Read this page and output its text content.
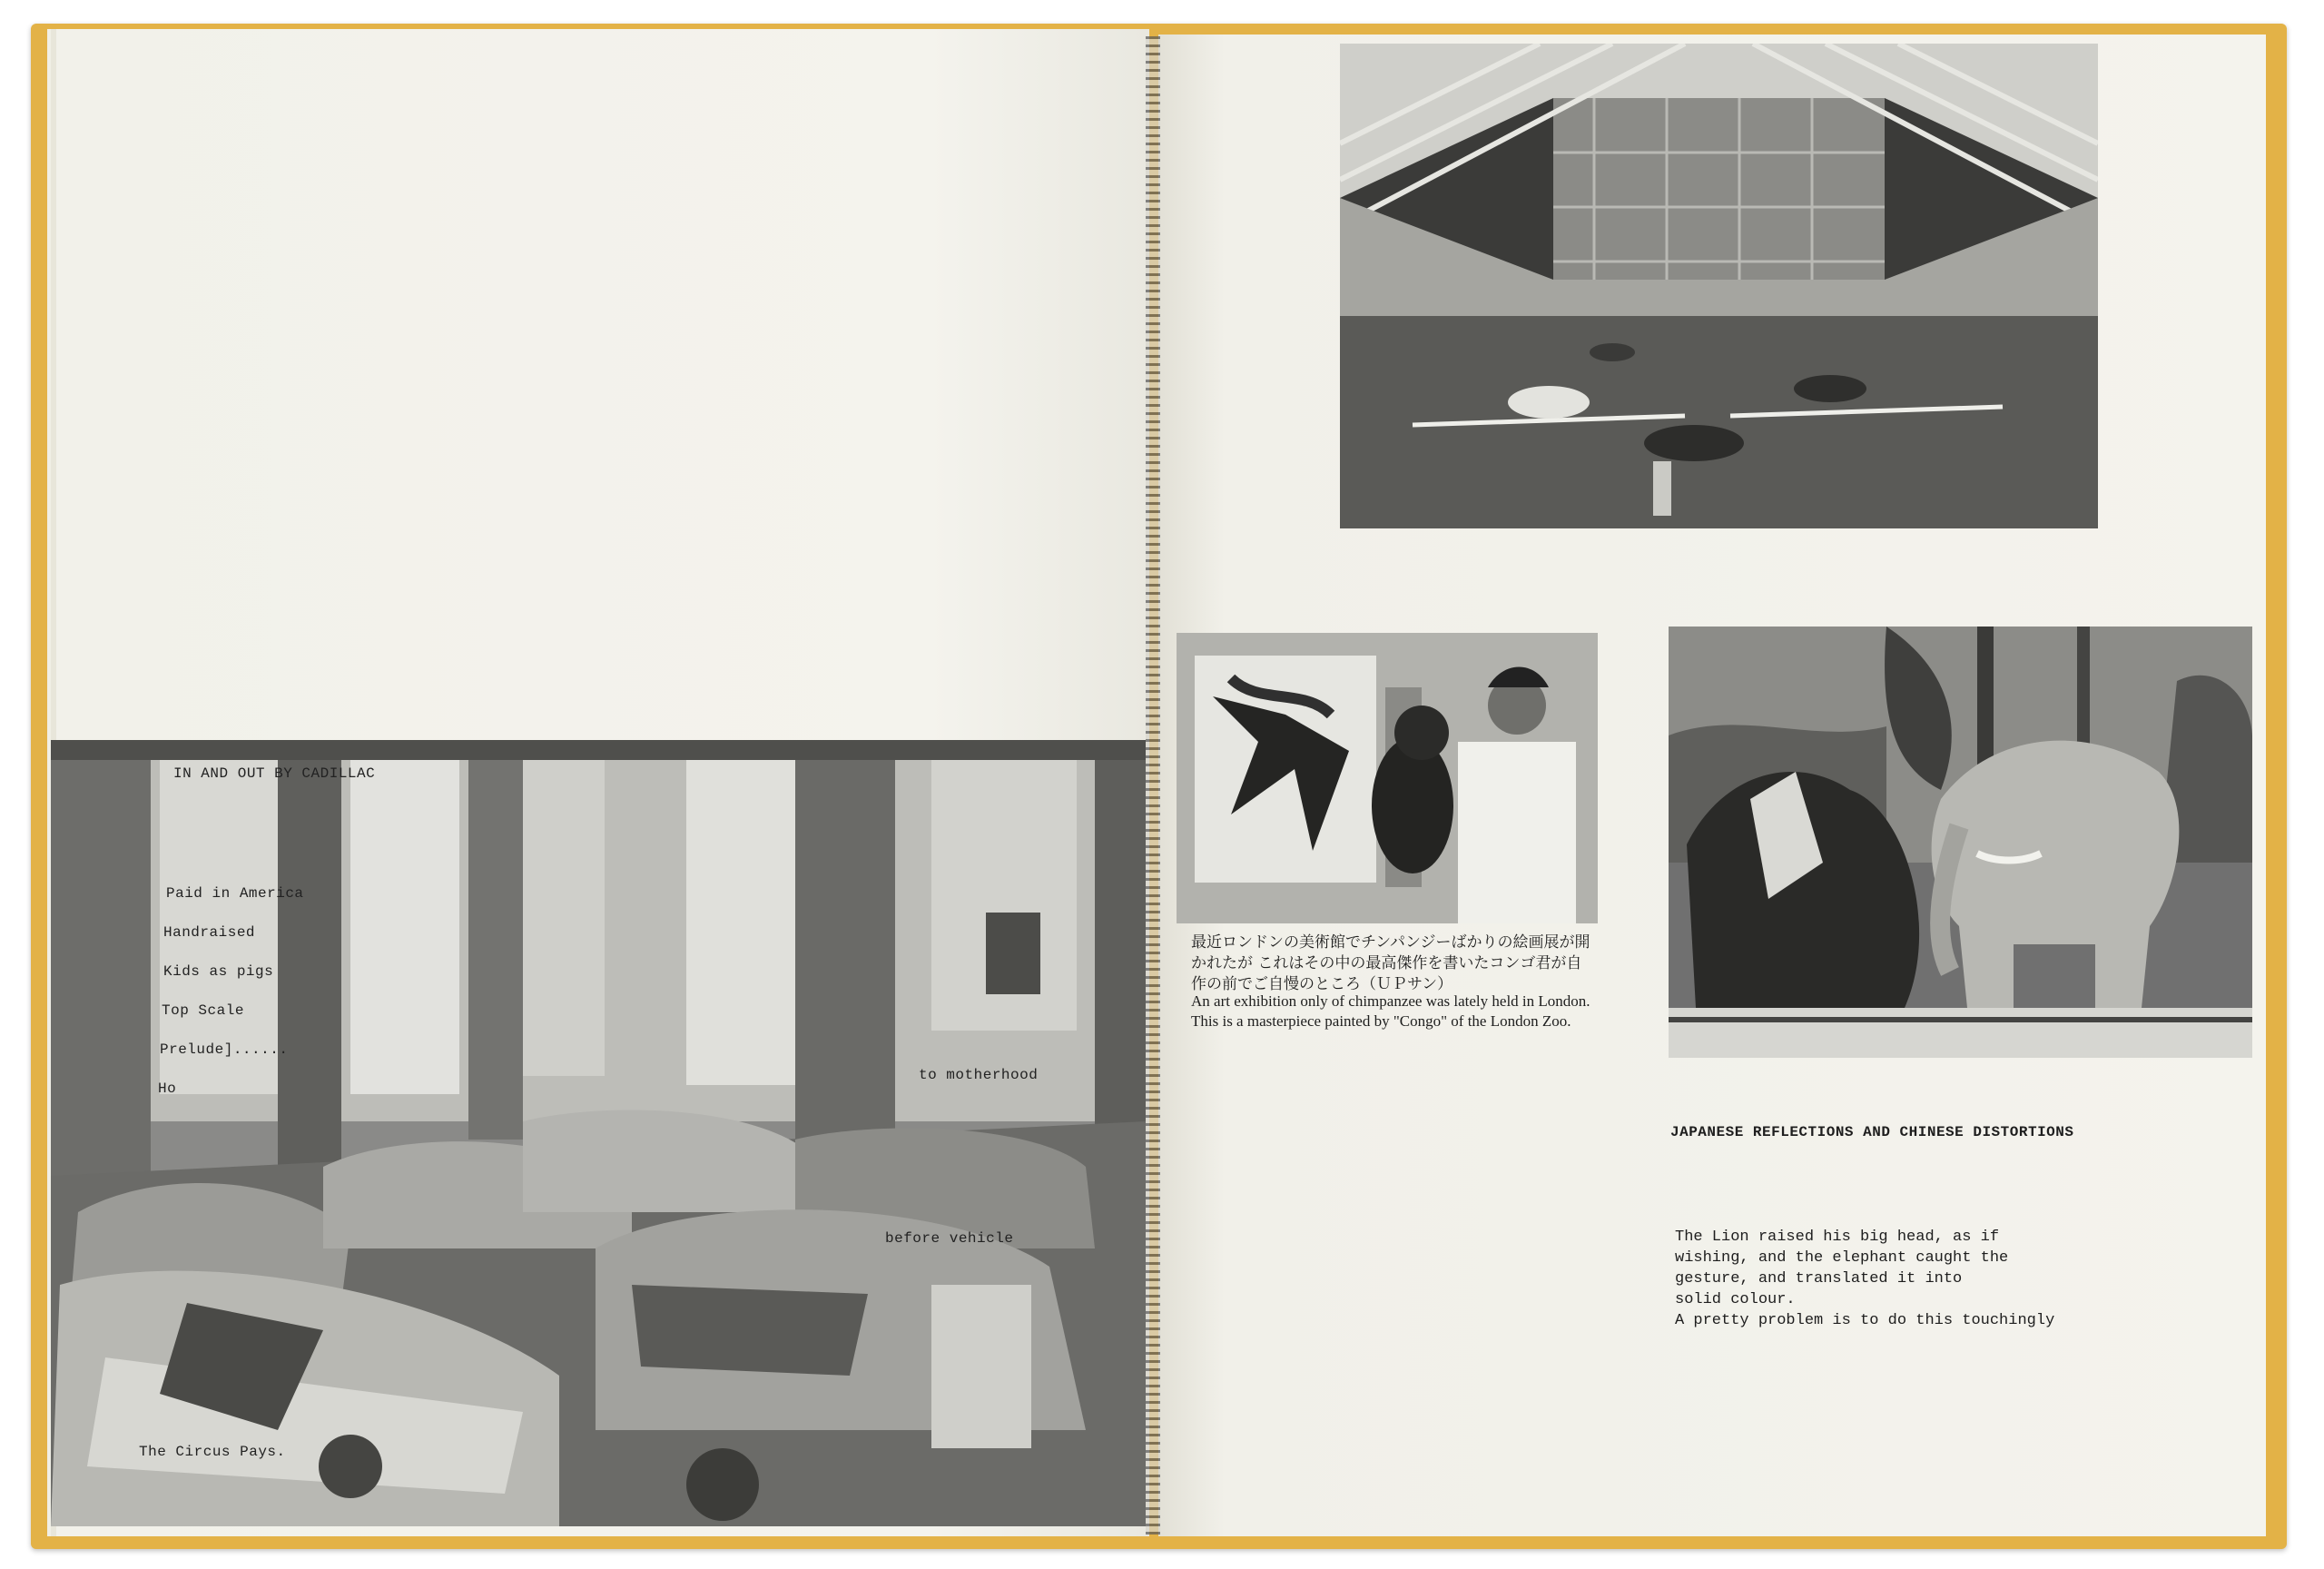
IN AND OUT BY CADILLAC
Paid in America
Handraised
Kids as pigs
Top Scale
Prelude]......
Ho
to motherhood
before vehicle
The Circus Pays.
最近ロンドンの美術館でチンパンジーばかりの絵画展が開かれたが これはその中の最高傑作を書いたコンゴ君が自作の前でご自慢のところ（ＵＰサン）
An art exhibition only of chimpanzee was lately held in London. This is a masterpiece painted by "Congo" of the London Zoo.
JAPANESE REFLECTIONS AND CHINESE DISTORTIONS
The Lion raised his big head, as if
wishing, and the elephant caught the
gesture, and translated it into
solid colour.
A pretty problem is to do this touchingly
